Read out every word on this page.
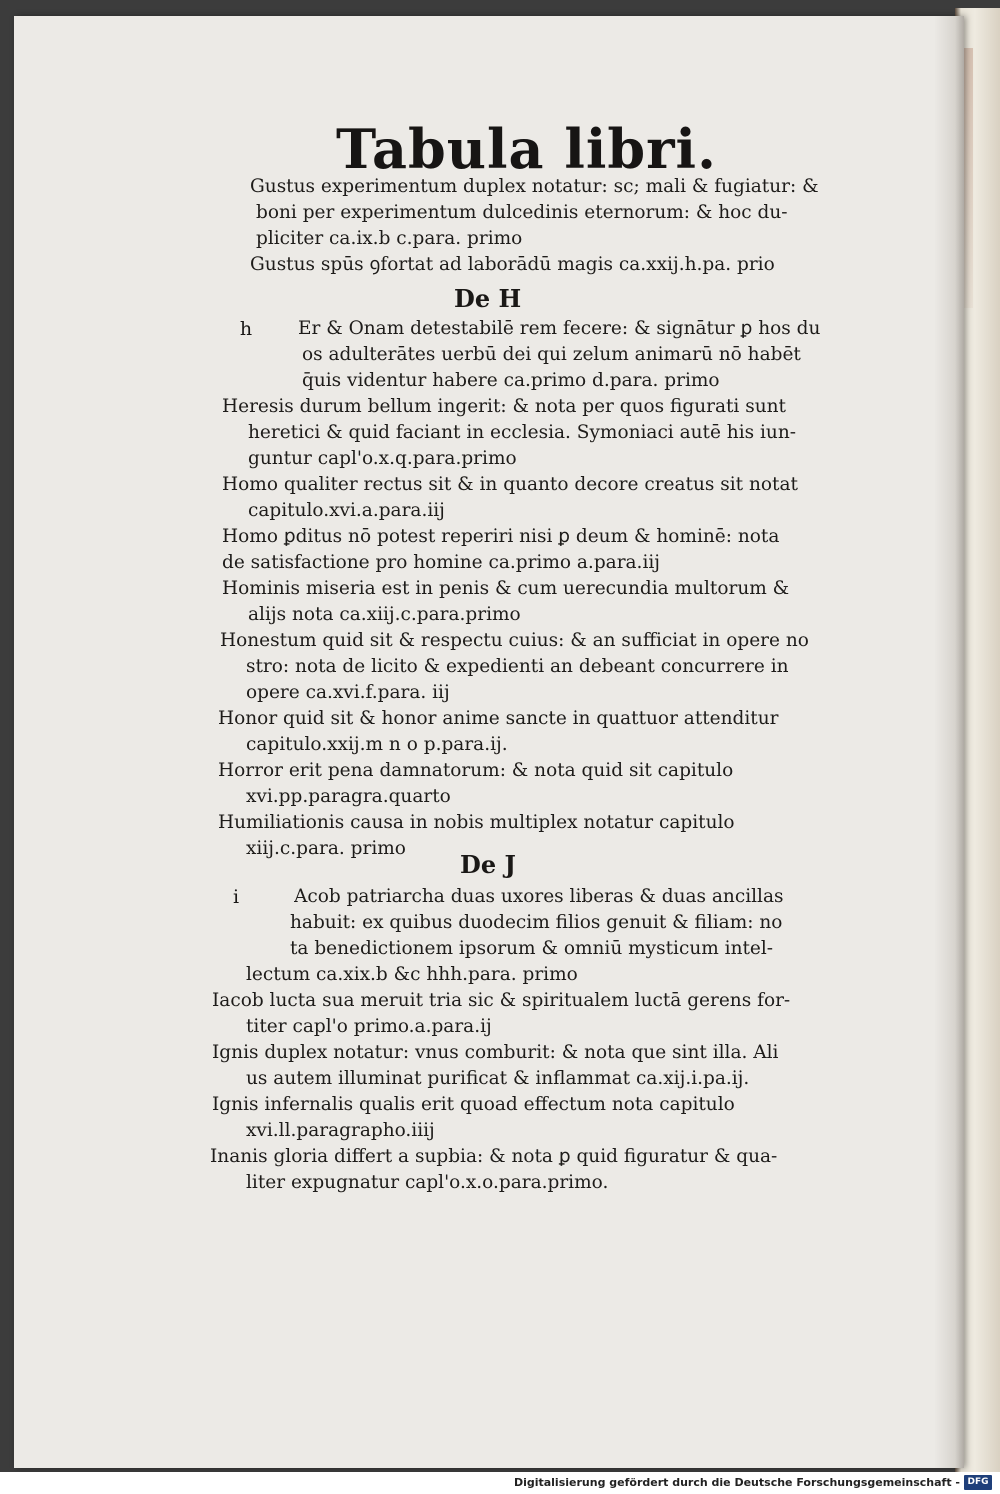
Tabula libri.
Gustus experimentum duplex notatur: sc; mali & fugiatur: &
boni per experimentum dulcedinis eternorum: & hoc du-
pliciter ca.ix.b c.para. primo
Gustus spūs ꝯfortat ad laborādū magis ca.xxij.h.pa. prio
De H
h Er & Onam detestabilē rem fecere: & signātur ꝑ hos du
os adulterātes uerbū dei qui zelum animarū nō habēt
q̄uis videntur habere ca.primo d.para. primo
Heresis durum bellum ingerit: & nota per quos figurati sunt
heretici & quid faciant in ecclesia. Symoniaci autē his iun-
guntur capl'o.x.q.para.primo
Homo qualiter rectus sit & in quanto decore creatus sit notat
capitulo.xvi.a.para.iij
Homo ꝑditus nō potest reperiri nisi ꝑ deum & hominē: nota
de satisfactione pro homine ca.primo a.para.iij
Hominis miseria est in penis & cum uerecundia multorum &
alijs nota ca.xiij.c.para.primo
Honestum quid sit & respectu cuius: & an sufficiat in opere no
stro: nota de licito & expedienti an debeant concurrere in
opere ca.xvi.f.para. iij
Honor quid sit & honor anime sancte in quattuor attenditur
capitulo.xxij.m n o p.para.ij.
Horror erit pena damnatorum: & nota quid sit capitulo
xvi.pp.paragra.quarto
Humiliationis causa in nobis multiplex notatur capitulo
xiij.c.para. primo
De J
i	Acob patriarcha duas uxores liberas & duas ancillas
habuit: ex quibus duodecim filios genuit & filiam: no
ta benedictionem ipsorum & omniū mysticum intel-
lectum ca.xix.b &c hhh.para. primo
Iacob lucta sua meruit tria sic & spiritualem luctā gerens for-
titer capl'o primo.a.para.ij
Ignis duplex notatur: vnus comburit: & nota que sint illa. Ali
us autem illuminat purificat & inflammat ca.xij.i.pa.ij.
Ignis infernalis qualis erit quoad effectum nota capitulo
xvi.ll.paragrapho.iiij
Inanis gloria differt a supbia: & nota ꝑ quid figuratur & qua-
liter expugnatur capl'o.x.o.para.primo.
Digitalisierung gefördert durch die Deutsche Forschungsgemeinschaft - DFG
